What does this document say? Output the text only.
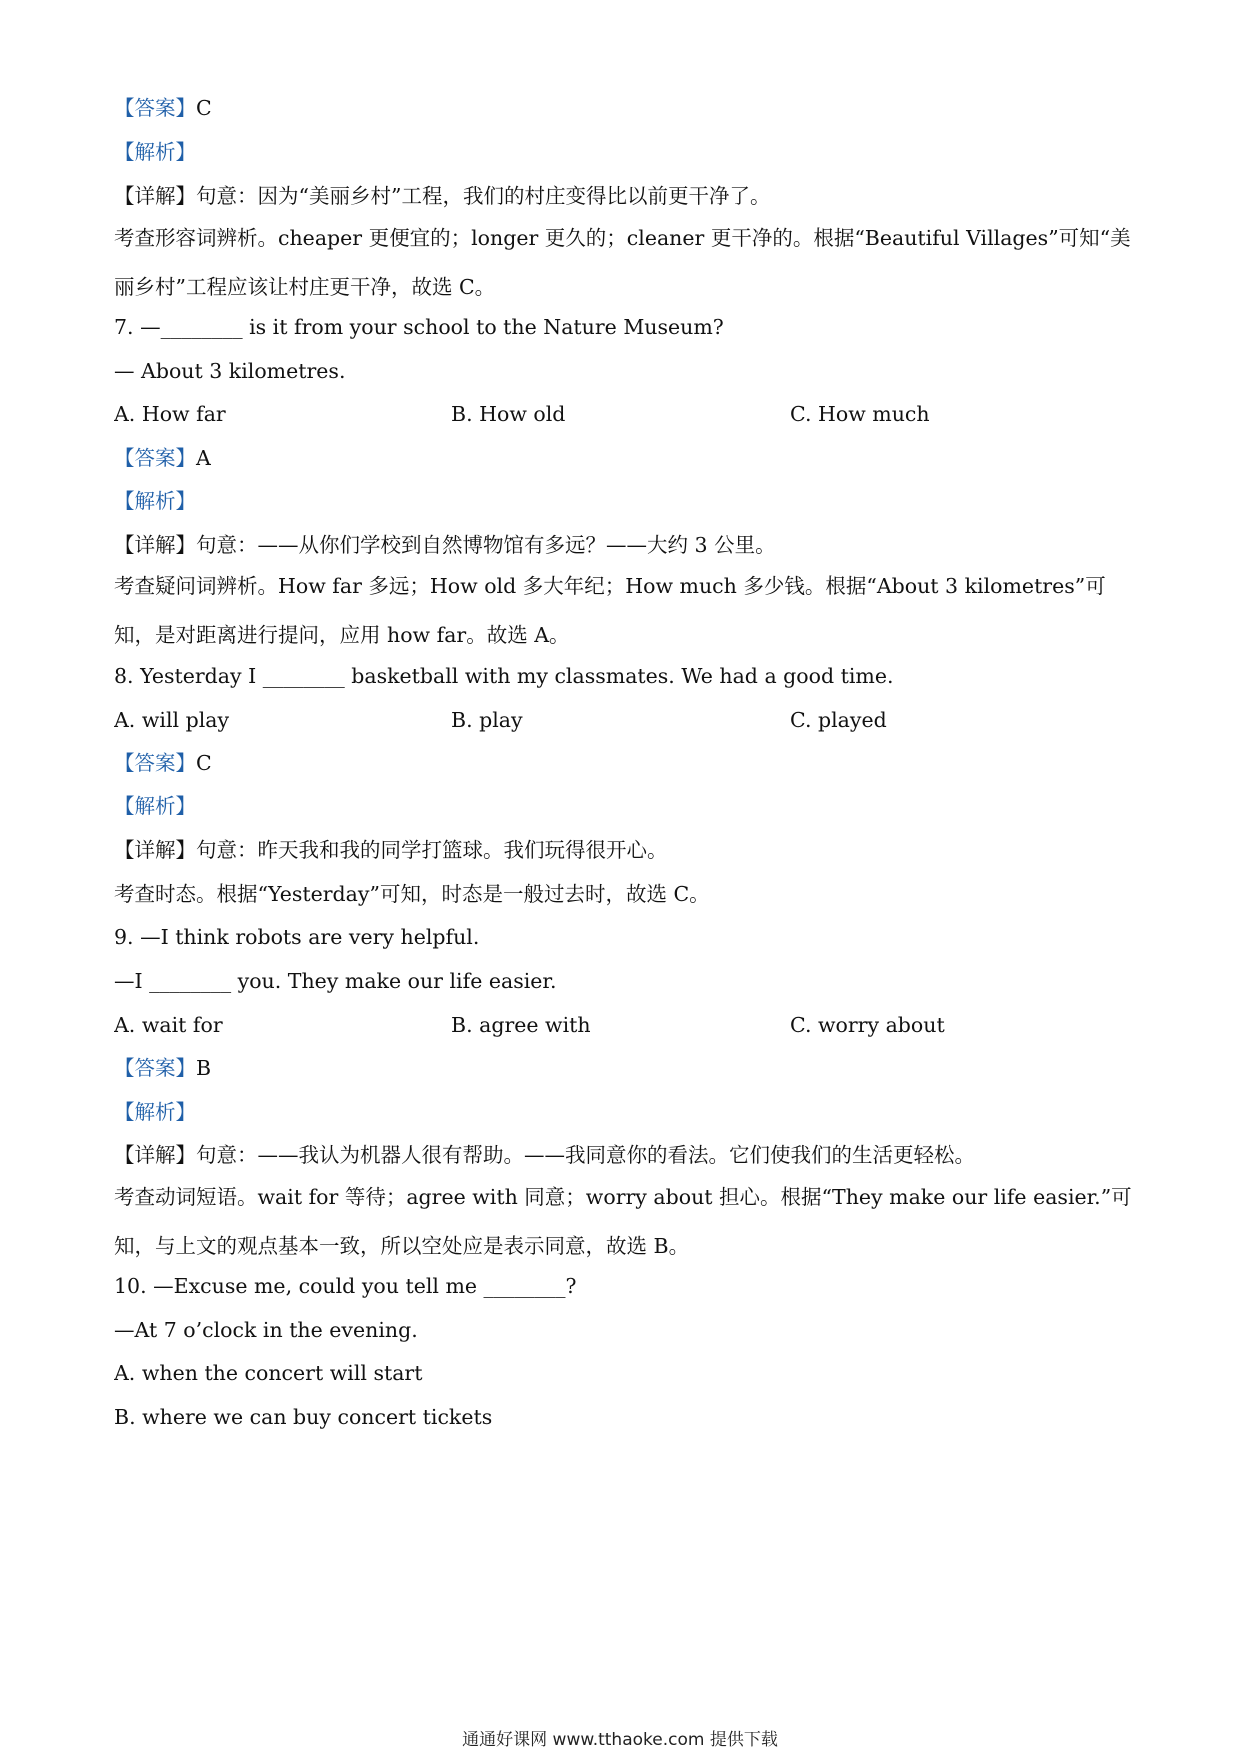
【答案】C
【解析】
【详解】句意：因为“美丽乡村”工程，我们的村庄变得比以前更干净了。
考查形容词辨析。cheaper 更便宜的；longer 更久的；cleaner 更干净的。根据“Beautiful Villages”可知“美丽乡村”工程应该让村庄更干净，故选 C。
7. —________ is it from your school to the Nature Museum?
— About 3 kilometres.
A. How far	B. How old	C. How much
【答案】A
【解析】
【详解】句意：——从你们学校到自然博物馆有多远？——大约 3 公里。
考查疑问词辨析。How far 多远；How old 多大年纪；How much 多少钱。根据“About 3 kilometres”可知，是对距离进行提问，应用 how far。故选 A。
8. Yesterday I ________ basketball with my classmates. We had a good time.
A. will play	B. play	C. played
【答案】C
【解析】
【详解】句意：昨天我和我的同学打篮球。我们玩得很开心。
考查时态。根据“Yesterday”可知，时态是一般过去时，故选 C。
9. —I think robots are very helpful.
—I ________ you. They make our life easier.
A. wait for	B. agree with	C. worry about
【答案】B
【解析】
【详解】句意：——我认为机器人很有帮助。——我同意你的看法。它们使我们的生活更轻松。
考查动词短语。wait for 等待；agree with 同意；worry about 担心。根据“They make our life easier.”可知，与上文的观点基本一致，所以空处应是表示同意，故选 B。
10. —Excuse me, could you tell me ________?
—At 7 o’clock in the evening.
A. when the concert will start
B. where we can buy concert tickets
通通好课网 www.tthaoke.com 提供下载
